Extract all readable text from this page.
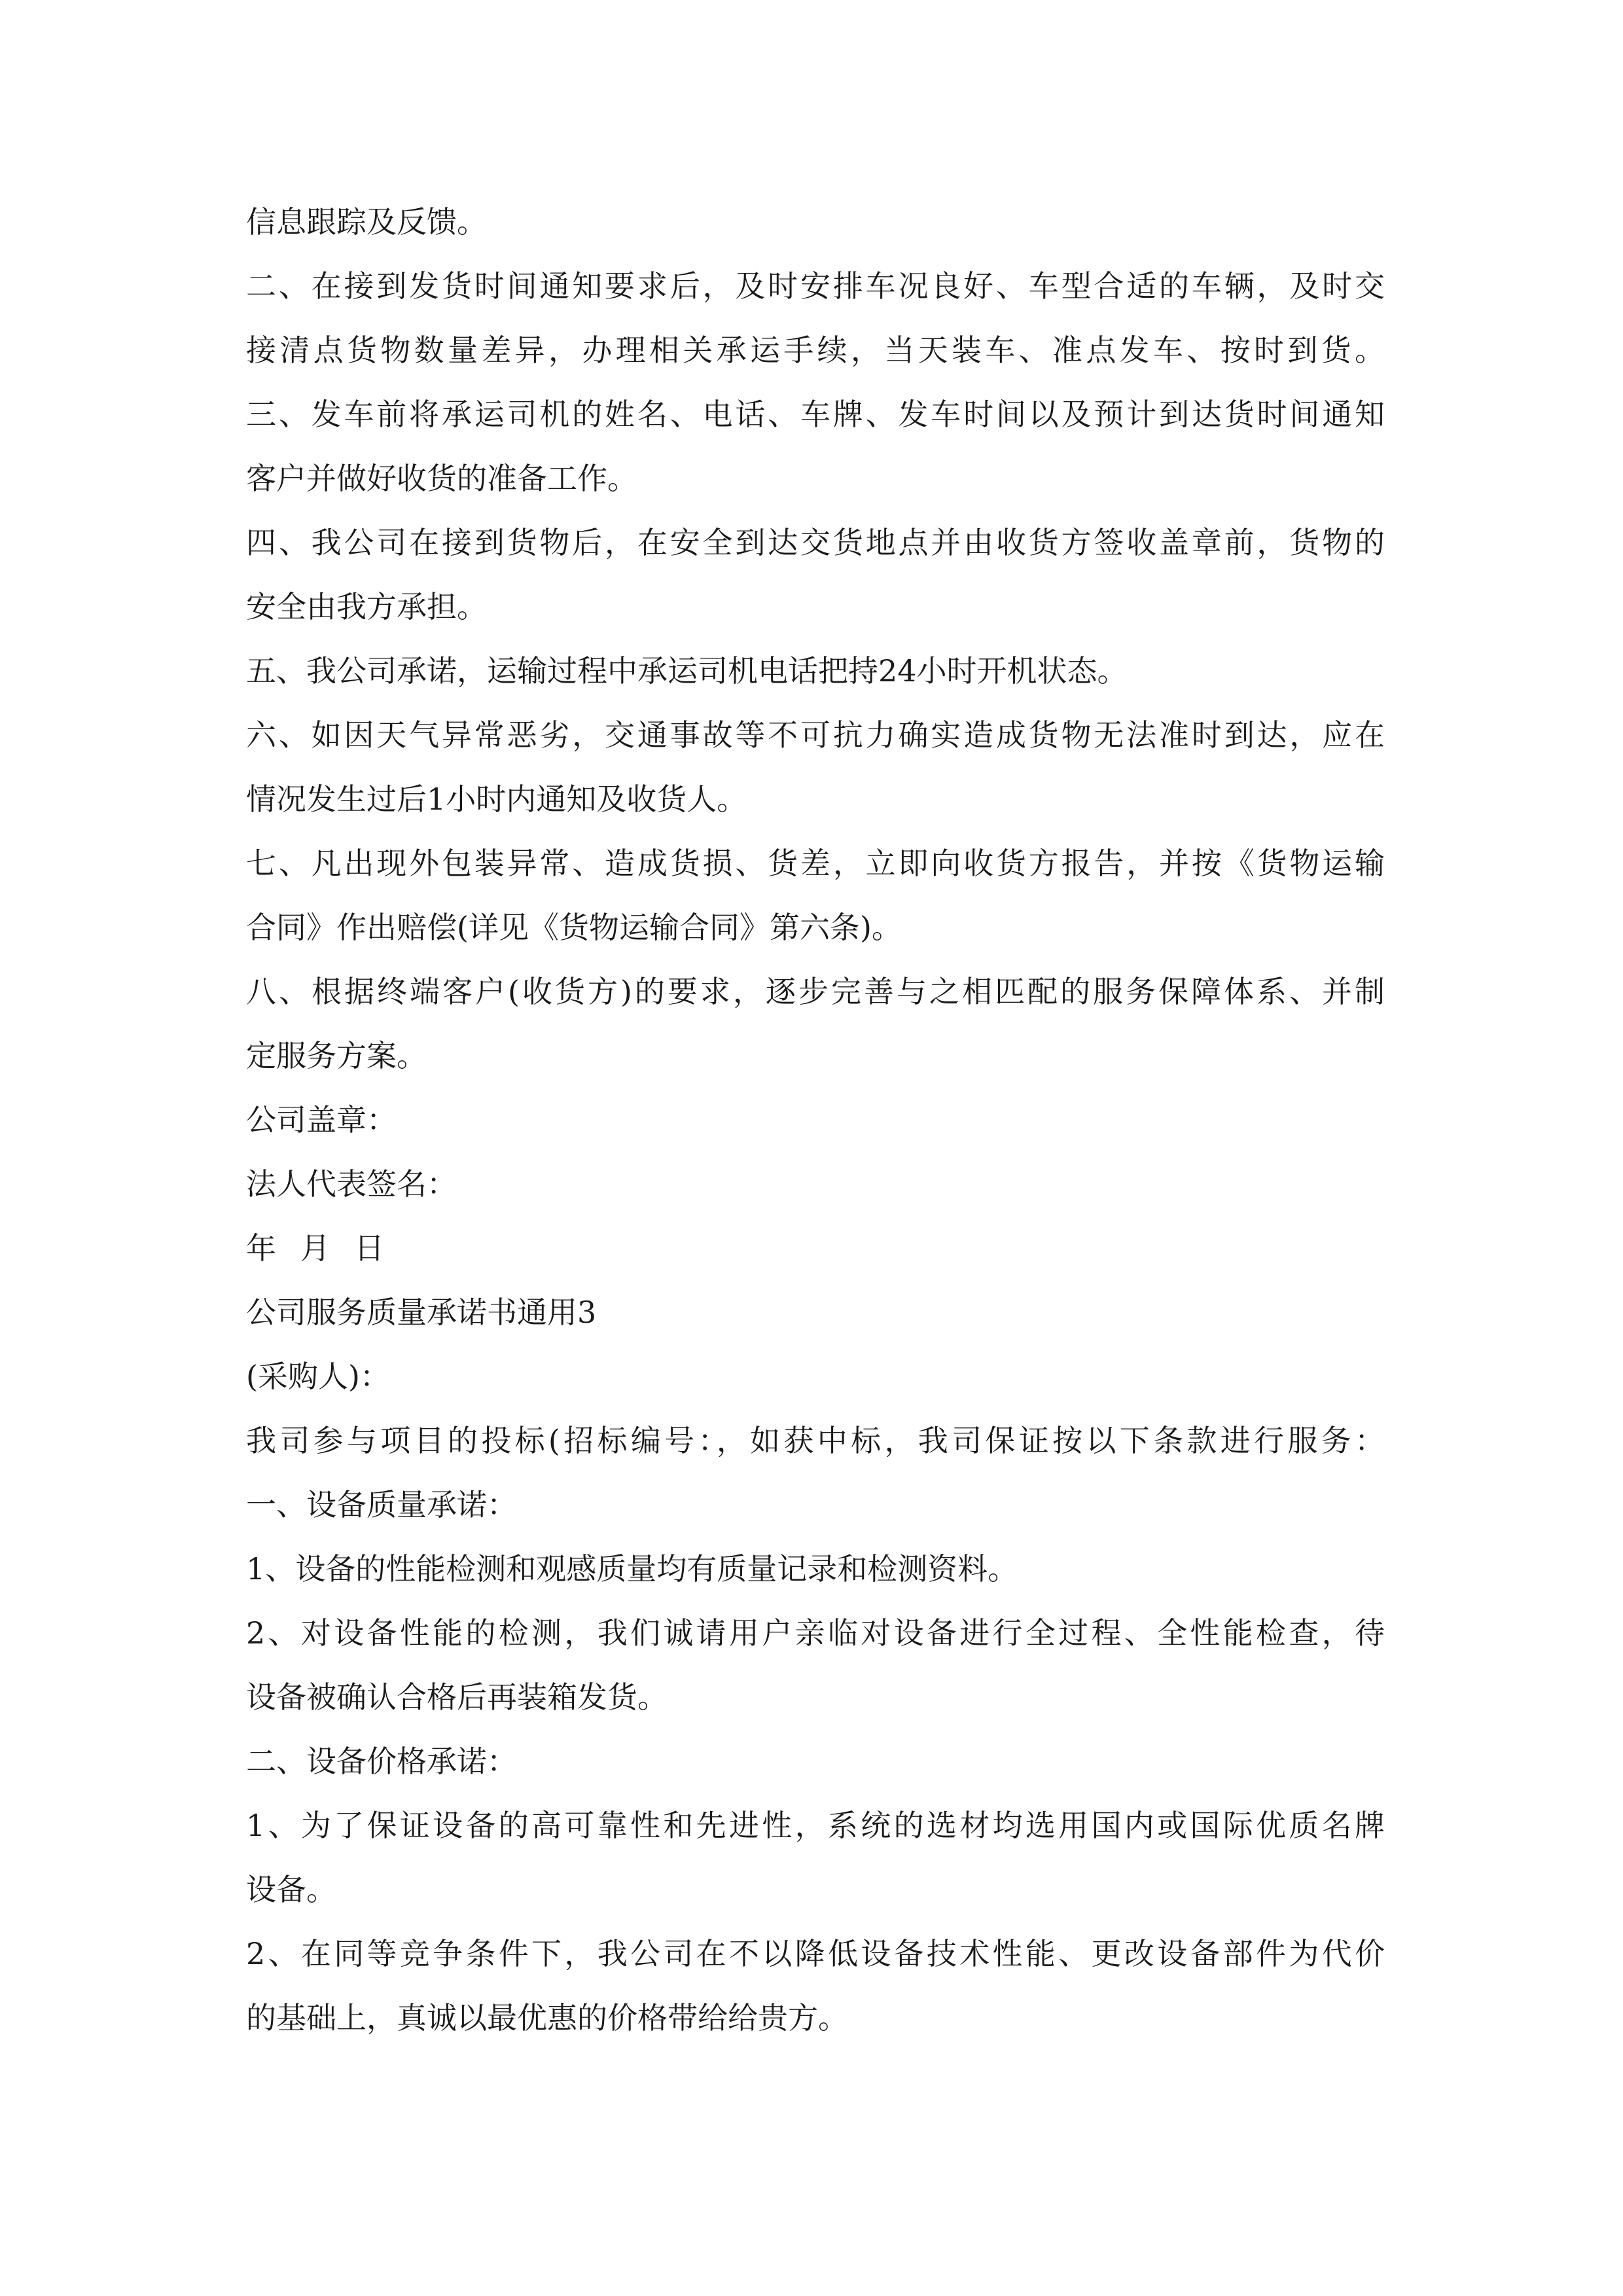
信息跟踪及反馈。
二、在接到发货时间通知要求后，及时安排车况良好、车型合适的车辆，及时交
接清点货物数量差异，办理相关承运手续，当天装车、准点发车、按时到货。
三、发车前将承运司机的姓名、电话、车牌、发车时间以及预计到达货时间通知
客户并做好收货的准备工作。
四、我公司在接到货物后，在安全到达交货地点并由收货方签收盖章前，货物的
安全由我方承担。
五、我公司承诺，运输过程中承运司机电话把持24小时开机状态。
六、如因天气异常恶劣，交通事故等不可抗力确实造成货物无法准时到达，应在
情况发生过后1小时内通知及收货人。
七、凡出现外包装异常、造成货损、货差，立即向收货方报告，并按《货物运输
合同》作出赔偿(详见《货物运输合同》第六条)。
八、根据终端客户(收货方)的要求，逐步完善与之相匹配的服务保障体系、并制
定服务方案。
公司盖章：
法人代表签名：
年 月 日
公司服务质量承诺书通用3
(采购人)：
我司参与项目的投标(招标编号：，如获中标，我司保证按以下条款进行服务：
一、设备质量承诺：
1、设备的性能检测和观感质量均有质量记录和检测资料。
2、对设备性能的检测，我们诚请用户亲临对设备进行全过程、全性能检查，待
设备被确认合格后再装箱发货。
二、设备价格承诺：
1、为了保证设备的高可靠性和先进性，系统的选材均选用国内或国际优质名牌
设备。
2、在同等竞争条件下，我公司在不以降低设备技术性能、更改设备部件为代价
的基础上，真诚以最优惠的价格带给给贵方。
